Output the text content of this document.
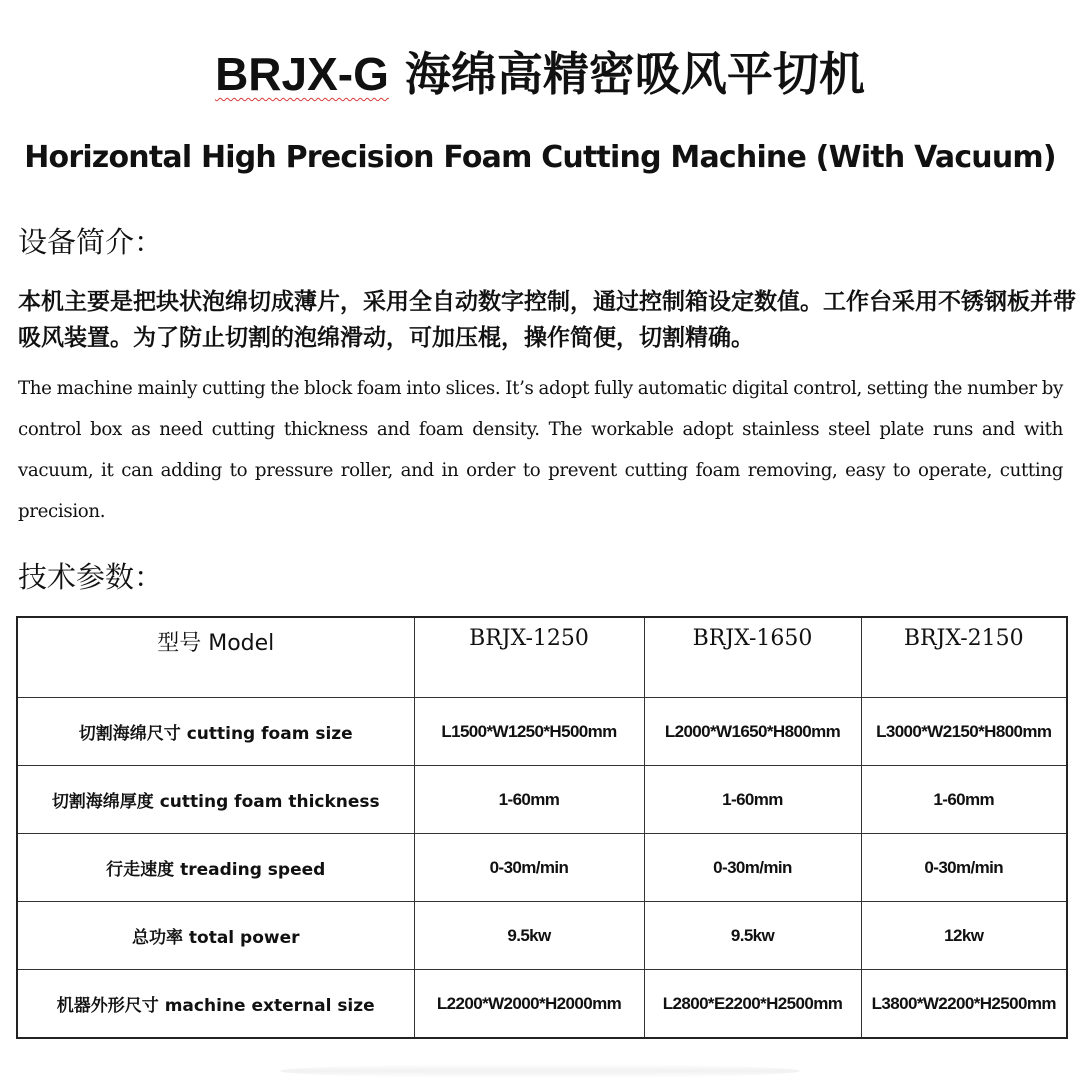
BRJX-G 海绵高精密吸风平切机
Horizontal High Precision Foam Cutting Machine (With Vacuum)
设备简介：
本机主要是把块状泡绵切成薄片，采用全自动数字控制，通过控制箱设定数值。工作台采用不锈钢板并带吸风装置。为了防止切割的泡绵滑动，可加压棍，操作简便，切割精确。
The machine mainly cutting the block foam into slices. It’s adopt fully automatic digital control, setting the number by control box as need cutting thickness and foam density. The workable adopt stainless steel plate runs and with vacuum, it can adding to pressure roller, and in order to prevent cutting foam removing, easy to operate, cutting precision.
技术参数：
型号 Model	BRJX-1250	BRJX-1650	BRJX-2150
切割海绵尺寸 cutting foam size	L1500*W1250*H500mm	L2000*W1650*H800mm	L3000*W2150*H800mm
切割海绵厚度 cutting foam thickness	1-60mm	1-60mm	1-60mm
行走速度 treading speed	0-30m/min	0-30m/min	0-30m/min
总功率 total power	9.5kw	9.5kw	12kw
机器外形尺寸 machine external size	L2200*W2000*H2000mm	L2800*E2200*H2500mm	L3800*W2200*H2500mm
